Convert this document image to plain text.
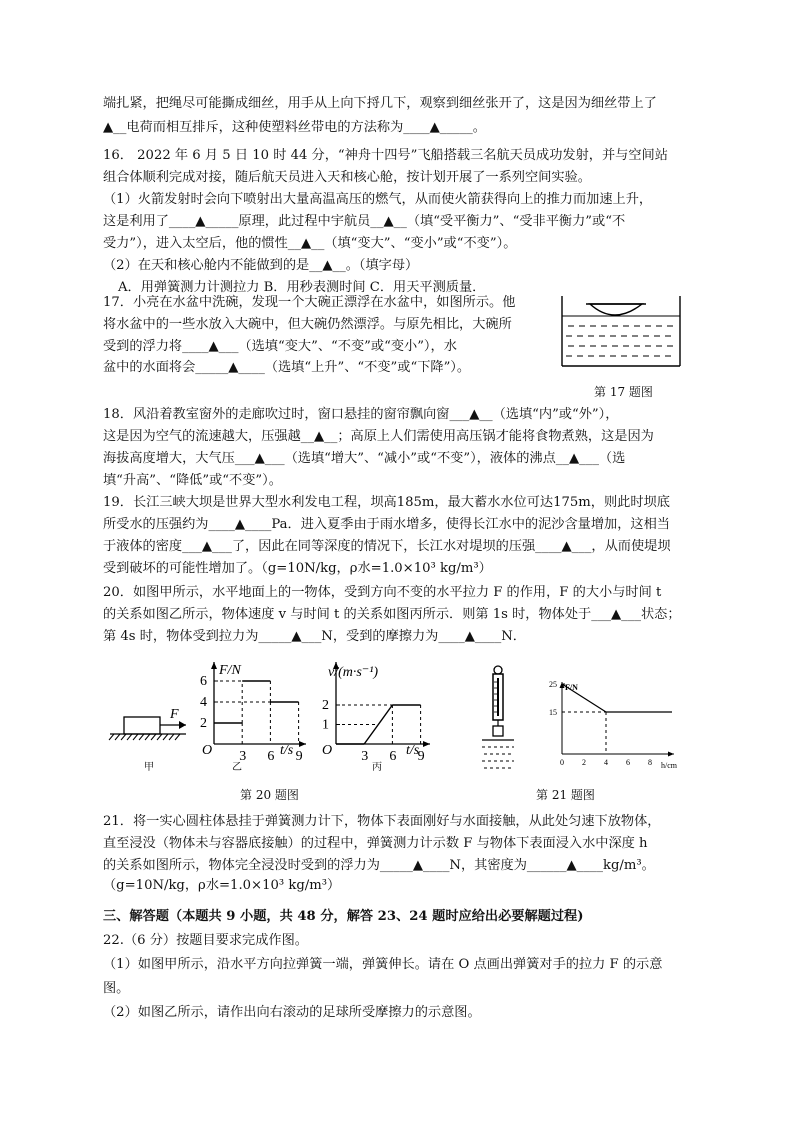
端扎紧，把绳尽可能撕成细丝，用手从上向下捋几下，观察到细丝张开了，这是因为细丝带上了
▲__电荷而相互排斥，这种使塑料丝带电的方法称为____▲_____。
16． 2022 年 6 月 5 日 10 时 44 分，“神舟十四号”飞船搭载三名航天员成功发射，并与空间站
组合体顺利完成对接，随后航天员进入天和核心舱，按计划开展了一系列空间实验。
（1）火箭发射时会向下喷射出大量高温高压的燃气，从而使火箭获得向上的推力而加速上升，
这是利用了____▲_____原理，此过程中宇航员__▲__（填“受平衡力”、“受非平衡力”或“不
受力”），进入太空后，他的惯性__▲__（填“变大”、“变小”或“不变”）。
（2）在天和核心舱内不能做到的是__▲__。（填字母）
A．用弹簧测力计测拉力 B．用秒表测时间 C．用天平测质量．
17．小亮在水盆中洗碗，发现一个大碗正漂浮在水盆中，如图所示。他
将水盆中的一些水放入大碗中，但大碗仍然漂浮。与原先相比，大碗所
受到的浮力将____▲___（选填“变大”、“不变”或“变小”），水
盆中的水面将会_____▲____（选填“上升”、“不变”或“下降”）。
18．风沿着教室窗外的走廊吹过时，窗口悬挂的窗帘飘向窗___▲__（选填“内”或“外”），
这是因为空气的流速越大，压强越__▲__；高原上人们需使用高压锅才能将食物煮熟，这是因为
海拔高度增大，大气压___▲___（选填“增大”、“减小”或“不变”），液体的沸点__▲___（选
填“升高”、“降低”或“不变”）。
19．长江三峡大坝是世界大型水利发电工程，坝高185m，最大蓄水水位可达175m，则此时坝底
所受水的压强约为____▲____Pa．进入夏季由于雨水增多，使得长江水中的泥沙含量增加，这相当
于液体的密度___▲___了，因此在同等深度的情况下，长江水对堤坝的压强____▲___，从而使堤坝
受到破坏的可能性增加了。（g=10N/kg，ρ水=1.0×10³ kg/m³）
20．如图甲所示，水平地面上的一物体，受到方向不变的水平拉力 F 的作用，F 的大小与时间 t
的关系如图乙所示，物体速度 v 与时间 t 的关系如图丙所示．则第 1s 时，物体处于___▲___状态；
第 4s 时，物体受到拉力为_____▲___N，受到的摩擦力为____▲____N．
21．将一实心圆柱体悬挂于弹簧测力计下，物体下表面刚好与水面接触，从此处匀速下放物体，
直至浸没（物体未与容器底接触）的过程中，弹簧测力计示数 F 与物体下表面浸入水中深度 h
的关系如图所示，物体完全浸没时受到的浮力为_____▲____N，其密度为______▲____kg/m³。
（g=10N/kg，ρ水=1.0×10³ kg/m³）
三、解答题（本题共 9 小题，共 48 分，解答 23、24 题时应给出必要解题过程)
22.（6 分）按题目要求完成作图。
（1）如图甲所示，沿水平方向拉弹簧一端，弹簧伸长。请在 O 点画出弹簧对手的拉力 F 的示意
图。
（2）如图乙所示，请作出向右滚动的足球所受摩擦力的示意图。
第 17 题图
F
甲
F/N
t/s
O
2
4
6
3 6 9
乙
v/(m·s⁻¹)
t/s
O
1
2
3 6 9
丙
第 20 题图
F/N
h/cm
15
25
0 2 4 6 8
第 21 题图
